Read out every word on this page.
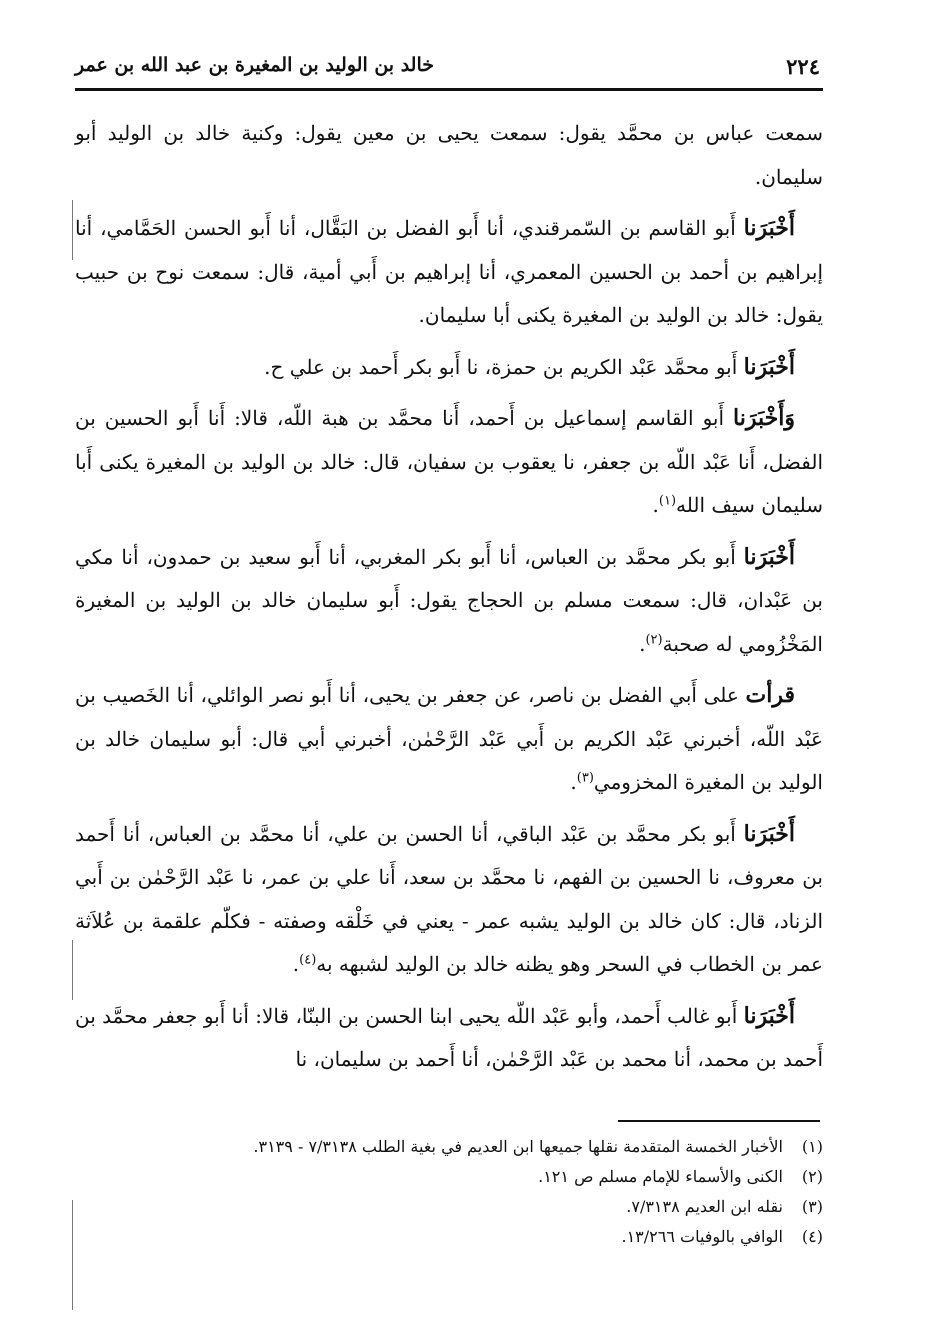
٢٢٤
خالد بن الوليد بن المغيرة بن عبد الله بن عمر

سمعت عباس بن محمَّد يقول: سمعت يحيى بن معين يقول: وكنية خالد بن الوليد أبو سليمان.

أَخْبَرَنا أَبو القاسم بن السّمرقندي، أنا أَبو الفضل بن البَقَّال، أنا أَبو الحسن الحَمَّامي، أنا إبراهيم بن أحمد بن الحسين المعمري، أنا إبراهيم بن أَبي أمية، قال: سمعت نوح بن حبيب يقول: خالد بن الوليد بن المغيرة يكنى أبا سليمان.

أَخْبَرَنا أَبو محمَّد عَبْد الكريم بن حمزة، نا أَبو بكر أَحمد بن علي ح.

وَأَخْبَرَنا أَبو القاسم إسماعيل بن أَحمد، أَنا محمَّد بن هبة اللّه، قالا: أَنا أَبو الحسين بن الفضل، أَنا عَبْد اللّه بن جعفر، نا يعقوب بن سفيان، قال: خالد بن الوليد بن المغيرة يكنى أَبا سليمان سيف الله$^{(١)}$.

أَخْبَرَنا أَبو بكر محمَّد بن العباس، أنا أَبو بكر المغربي، أنا أَبو سعيد بن حمدون، أنا مكي بن عَبْدان، قال: سمعت مسلم بن الحجاج يقول: أَبو سليمان خالد بن الوليد بن المغيرة المَخْزُومي له صحبة$^{(٢)}$.

قرأت على أَبي الفضل بن ناصر، عن جعفر بن يحيى، أنا أَبو نصر الوائلي، أنا الخَصيب بن عَبْد اللّه، أخبرني عَبْد الكريم بن أَبي عَبْد الرَّحْمٰن، أخبرني أبي قال: أبو سليمان خالد بن الوليد بن المغيرة المخزومي$^{(٣)}$.

أَخْبَرَنا أَبو بكر محمَّد بن عَبْد الباقي، أنا الحسن بن علي، أنا محمَّد بن العباس، أنا أَحمد بن معروف، نا الحسين بن الفهم، نا محمَّد بن سعد، أَنا علي بن عمر، نا عَبْد الرَّحْمٰن بن أَبي الزناد، قال: كان خالد بن الوليد يشبه عمر - يعني في خَلْقه وصفته - فكلّم علقمة بن عُلاَثة عمر بن الخطاب في السحر وهو يظنه خالد بن الوليد لشبهه به$^{(٤)}$.

أَخْبَرَنا أَبو غالب أَحمد، وأبو عَبْد اللّه يحيى ابنا الحسن بن البنّا، قالا: أنا أَبو جعفر محمَّد بن أَحمد بن محمد، أنا محمد بن عَبْد الرَّحْمٰن، أنا أَحمد بن سليمان، نا

(١)
الأخبار الخمسة المتقدمة نقلها جميعها ابن العديم في بغية الطلب ٧/٣١٣٨ - ٣١٣٩.
(٢)
الكنى والأسماء للإمام مسلم ص ١٢١.
(٣)
نقله ابن العديم ٧/٣١٣٨.
(٤)
الوافي بالوفيات ١٣/٢٦٦.
